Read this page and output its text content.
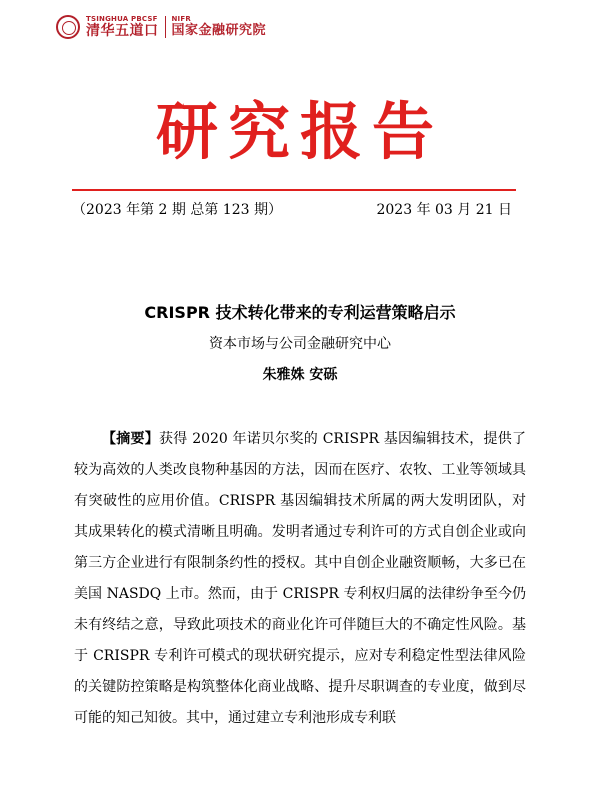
TSINGHUA PBCSF
清华五道口
NIFR
国家金融研究院
研究报告
（2023 年第 2 期 总第 123 期）	2023 年 03 月 21 日
CRISPR 技术转化带来的专利运营策略启示
资本市场与公司金融研究中心
朱雅姝 安砾
【摘要】获得 2020 年诺贝尔奖的 CRISPR 基因编辑技术，提供了较为高效的人类改良物种基因的方法，因而在医疗、农牧、工业等领域具有突破性的应用价值。CRISPR 基因编辑技术所属的两大发明团队，对其成果转化的模式清晰且明确。发明者通过专利许可的方式自创企业或向第三方企业进行有限制条约性的授权。其中自创企业融资顺畅，大多已在美国 NASDQ 上市。然而，由于 CRISPR 专利权归属的法律纷争至今仍未有终结之意，导致此项技术的商业化许可伴随巨大的不确定性风险。基于 CRISPR 专利许可模式的现状研究提示，应对专利稳定性型法律风险的关键防控策略是构筑整体化商业战略、提升尽职调查的专业度，做到尽可能的知己知彼。其中，通过建立专利池形成专利联
